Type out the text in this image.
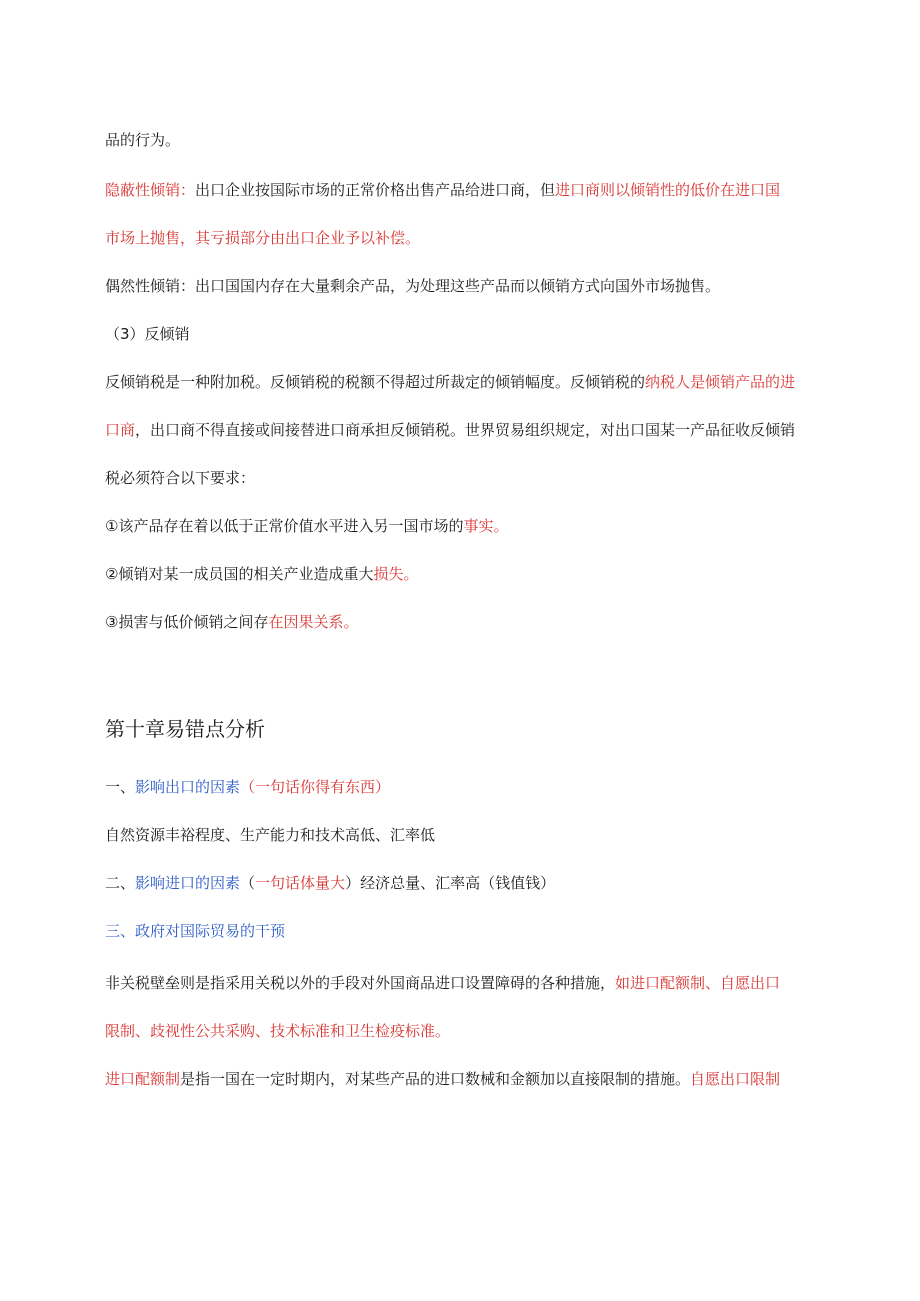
品的行为。
隐蔽性倾销：出口企业按国际市场的正常价格出售产品给进口商，但进口商则以倾销性的低价在进口国
市场上抛售，其亏损部分由出口企业予以补偿。
偶然性倾销：出口国国内存在大量剩余产品，为处理这些产品而以倾销方式向国外市场抛售。
（3）反倾销
反倾销税是一种附加税。反倾销税的税额不得超过所裁定的倾销幅度。反倾销税的纳税人是倾销产品的进
口商，出口商不得直接或间接替进口商承担反倾销税。世界贸易组织规定，对出口国某一产品征收反倾销
税必须符合以下要求：
①该产品存在着以低于正常价值水平进入另一国市场的事实。
②倾销对某一成员国的相关产业造成重大损失。
③损害与低价倾销之间存在因果关系。
第十章易错点分析
一、影响出口的因素（一句话你得有东西）
自然资源丰裕程度、生产能力和技术高低、汇率低
二、影响进口的因素（一句话体量大）经济总量、汇率高（钱值钱）
三、政府对国际贸易的干预
非关税壁垒则是指采用关税以外的手段对外国商品进口设置障碍的各种措施，如进口配额制、自愿出口
限制、歧视性公共采购、技术标准和卫生检疫标准。
进口配额制是指一国在一定时期内，对某些产品的进口数械和金额加以直接限制的措施。自愿出口限制
